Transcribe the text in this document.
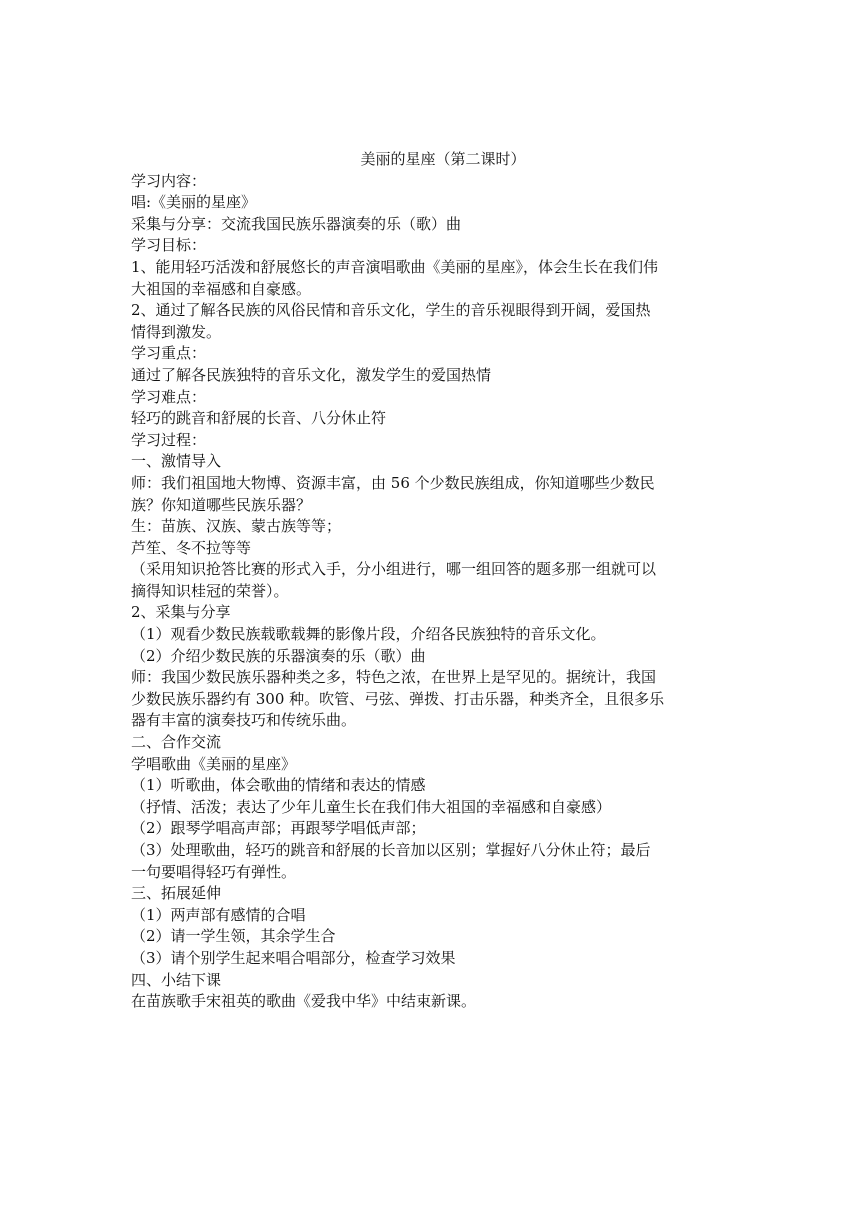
美丽的星座（第二课时）
学习内容：
唱:《美丽的星座》
采集与分享：交流我国民族乐器演奏的乐（歌）曲
学习目标：
1、能用轻巧活泼和舒展悠长的声音演唱歌曲《美丽的星座》，体会生长在我们伟
大祖国的幸福感和自豪感。
2、通过了解各民族的风俗民情和音乐文化，学生的音乐视眼得到开阔，爱国热
情得到激发。
学习重点：
通过了解各民族独特的音乐文化，激发学生的爱国热情
学习难点：
轻巧的跳音和舒展的长音、八分休止符
学习过程：
一、激情导入
师：我们祖国地大物博、资源丰富，由 56 个少数民族组成，你知道哪些少数民
族？你知道哪些民族乐器？
生：苗族、汉族、蒙古族等等；
芦笙、冬不拉等等
（采用知识抢答比赛的形式入手，分小组进行，哪一组回答的题多那一组就可以
摘得知识桂冠的荣誉）。
2、采集与分享
（1）观看少数民族载歌载舞的影像片段，介绍各民族独特的音乐文化。
（2）介绍少数民族的乐器演奏的乐（歌）曲
师：我国少数民族乐器种类之多，特色之浓，在世界上是罕见的。据统计，我国
少数民族乐器约有 300 种。吹管、弓弦、弹拨、打击乐器，种类齐全，且很多乐
器有丰富的演奏技巧和传统乐曲。
二、合作交流
学唱歌曲《美丽的星座》
（1）听歌曲，体会歌曲的情绪和表达的情感
（抒情、活泼；表达了少年儿童生长在我们伟大祖国的幸福感和自豪感）
（2）跟琴学唱高声部；再跟琴学唱低声部；
（3）处理歌曲，轻巧的跳音和舒展的长音加以区别；掌握好八分休止符；最后
一句要唱得轻巧有弹性。
三、拓展延伸
（1）两声部有感情的合唱
（2）请一学生领，其余学生合
（3）请个别学生起来唱合唱部分，检查学习效果
四、小结下课
在苗族歌手宋祖英的歌曲《爱我中华》中结束新课。
